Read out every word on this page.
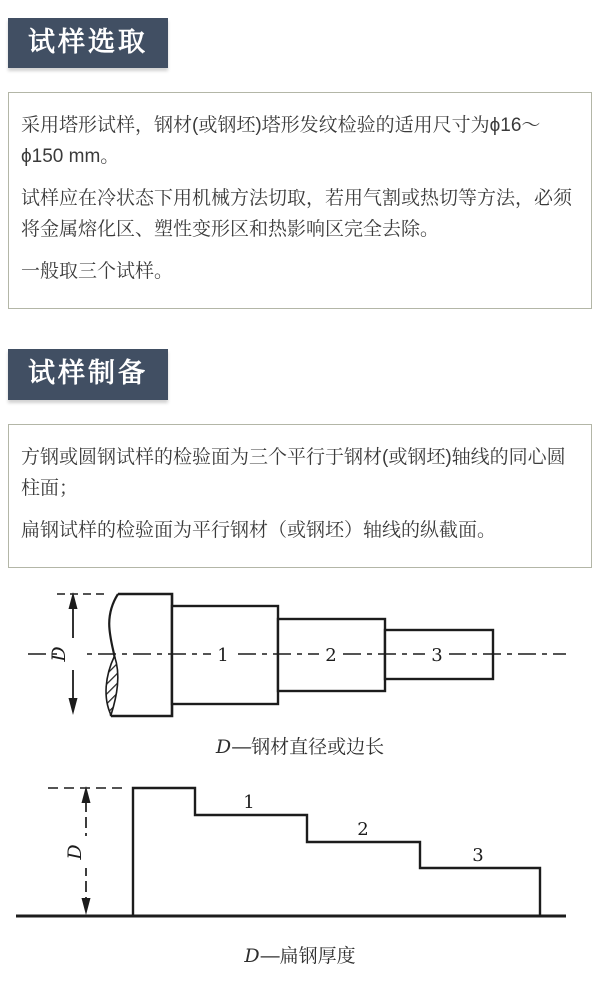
试样选取

采用塔形试样，钢材(或钢坯)塔形发纹检验的适用尺寸为ϕ16～ϕ150 mm。

试样应在冷状态下用机械方法切取，若用气割或热切等方法，必须将金属熔化区、塑性变形区和热影响区完全去除。

一般取三个试样。

试样制备

方钢或圆钢试样的检验面为三个平行于钢材(或钢坯)轴线的同心圆柱面；

扁钢试样的检验面为平行钢材（或钢坯）轴线的纵截面。

D	1	2	3
D—钢材直径或边长
D
1
2
3
D—扁钢厚度
